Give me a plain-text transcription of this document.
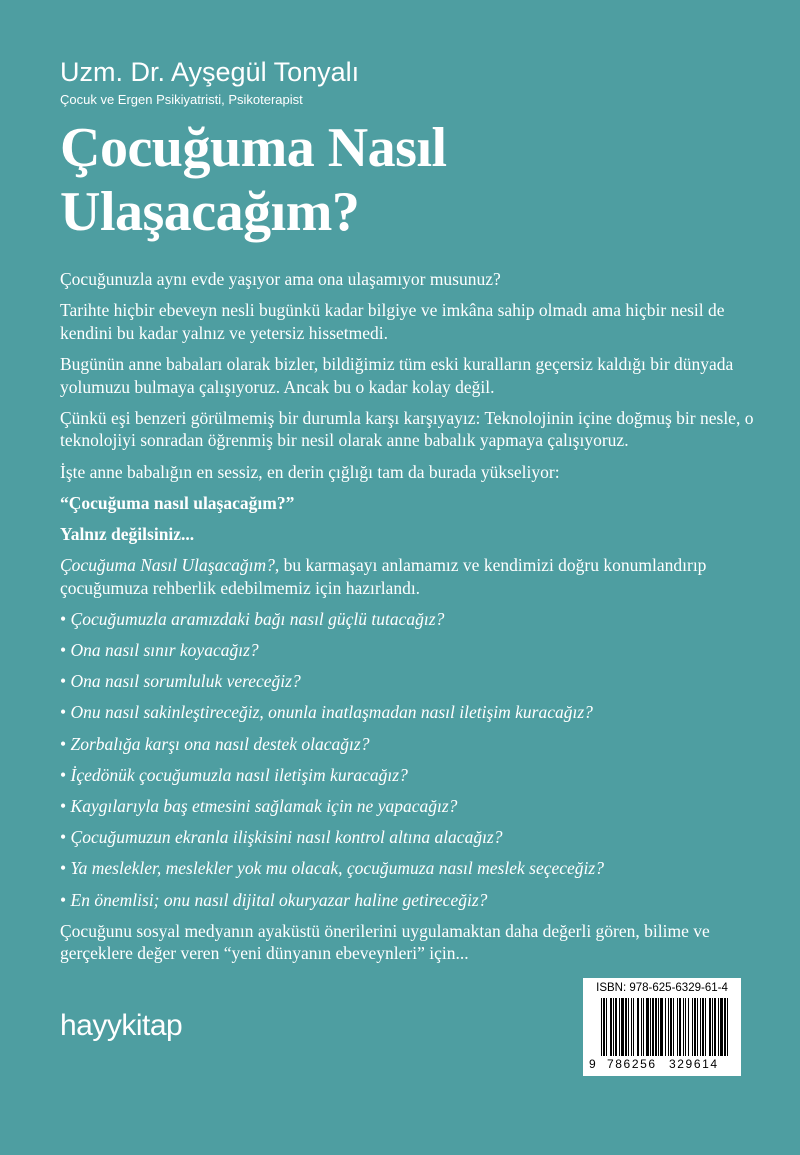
Uzm. Dr. Ayşegül Tonyalı
Çocuk ve Ergen Psikiyatristi, Psikoterapist
Çocuğuma Nasıl
Ulaşacağım?

Çocuğunuzla aynı evde yaşıyor ama ona ulaşamıyor musunuz?

Tarihte hiçbir ebeveyn nesli bugünkü kadar bilgiye ve imkâna sahip olmadı ama hiçbir nesil de kendini bu kadar yalnız ve yetersiz hissetmedi.

Bugünün anne babaları olarak bizler, bildiğimiz tüm eski kuralların geçersiz kaldığı bir dünyada yolumuzu bulmaya çalışıyoruz. Ancak bu o kadar kolay değil.

Çünkü eşi benzeri görülmemiş bir durumla karşı karşıyayız: Teknolojinin içine doğmuş bir nesle, o teknolojiyi sonradan öğrenmiş bir nesil olarak anne babalık yapmaya çalışıyoruz.

İşte anne babalığın en sessiz, en derin çığlığı tam da burada yükseliyor:

“Çocuğuma nasıl ulaşacağım?”

Yalnız değilsiniz...

Çocuğuma Nasıl Ulaşacağım?, bu karmaşayı anlamamız ve kendimizi doğru konumlandırıp çocuğumuza rehberlik edebilmemiz için hazırlandı.

• Çocuğumuzla aramızdaki bağı nasıl güçlü tutacağız?
• Ona nasıl sınır koyacağız?
• Ona nasıl sorumluluk vereceğiz?
• Onu nasıl sakinleştireceğiz, onunla inatlaşmadan nasıl iletişim kuracağız?
• Zorbalığa karşı ona nasıl destek olacağız?
• İçedönük çocuğumuzla nasıl iletişim kuracağız?
• Kaygılarıyla baş etmesini sağlamak için ne yapacağız?
• Çocuğumuzun ekranla ilişkisini nasıl kontrol altına alacağız?
• Ya meslekler, meslekler yok mu olacak, çocuğumuza nasıl meslek seçeceğiz?
• En önemlisi; onu nasıl dijital okuryazar haline getireceğiz?

Çocuğunu sosyal medyanın ayaküstü önerilerini uygulamaktan daha değerli gören, bilime ve gerçeklere değer veren “yeni dünyanın ebeveynleri” için...

hayykitap
ISBN: 978-625-6329-61-4
9 786256 329614
